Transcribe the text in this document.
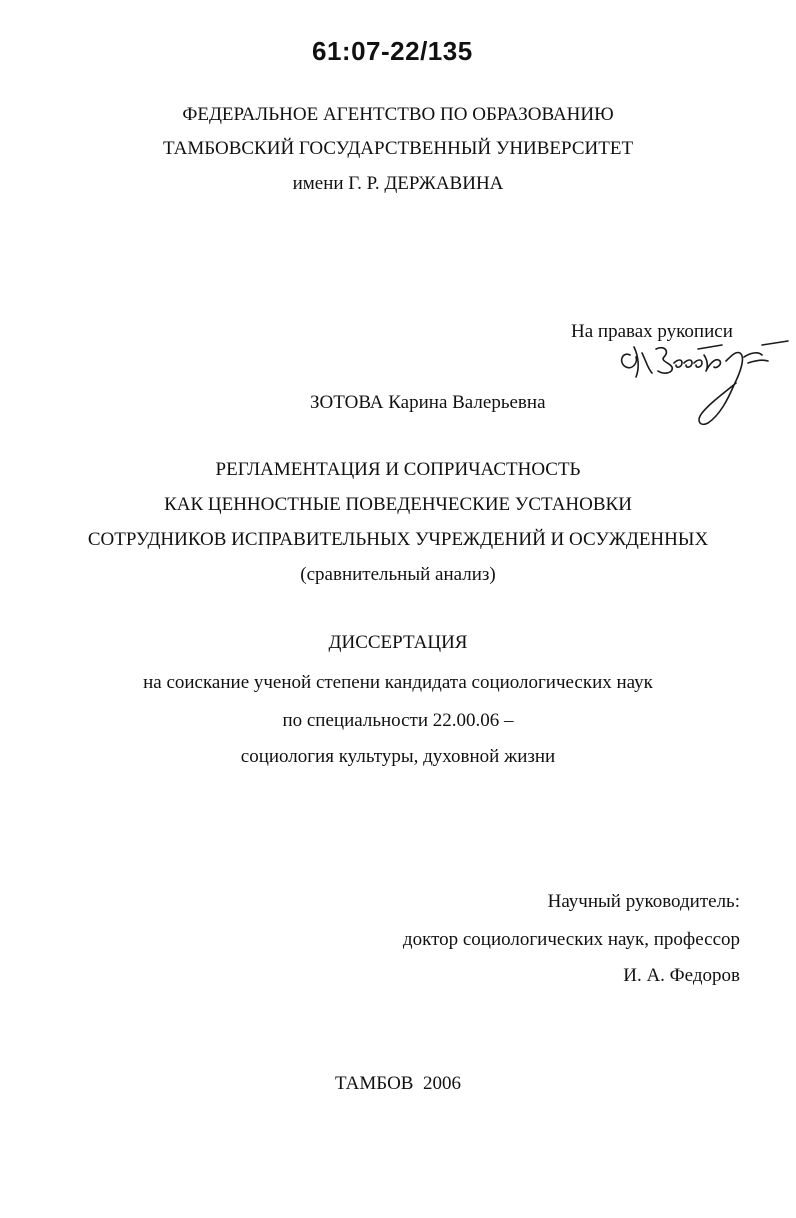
61:07-22/135
ФЕДЕРАЛЬНОЕ АГЕНТСТВО ПО ОБРАЗОВАНИЮ
ТАМБОВСКИЙ ГОСУДАРСТВЕННЫЙ УНИВЕРСИТЕТ
имени Г. Р. ДЕРЖАВИНА
На правах рукописи
ЗОТОВА Карина Валерьевна
РЕГЛАМЕНТАЦИЯ И СОПРИЧАСТНОСТЬ
КАК ЦЕННОСТНЫЕ ПОВЕДЕНЧЕСКИЕ УСТАНОВКИ
СОТРУДНИКОВ ИСПРАВИТЕЛЬНЫХ УЧРЕЖДЕНИЙ И ОСУЖДЕННЫХ
(сравнительный анализ)
ДИССЕРТАЦИЯ
на соискание ученой степени кандидата социологических наук
по специальности 22.00.06 –
социология культуры, духовной жизни
Научный руководитель:
доктор социологических наук, профессор
И. А. Федоров
ТАМБОВ  2006
